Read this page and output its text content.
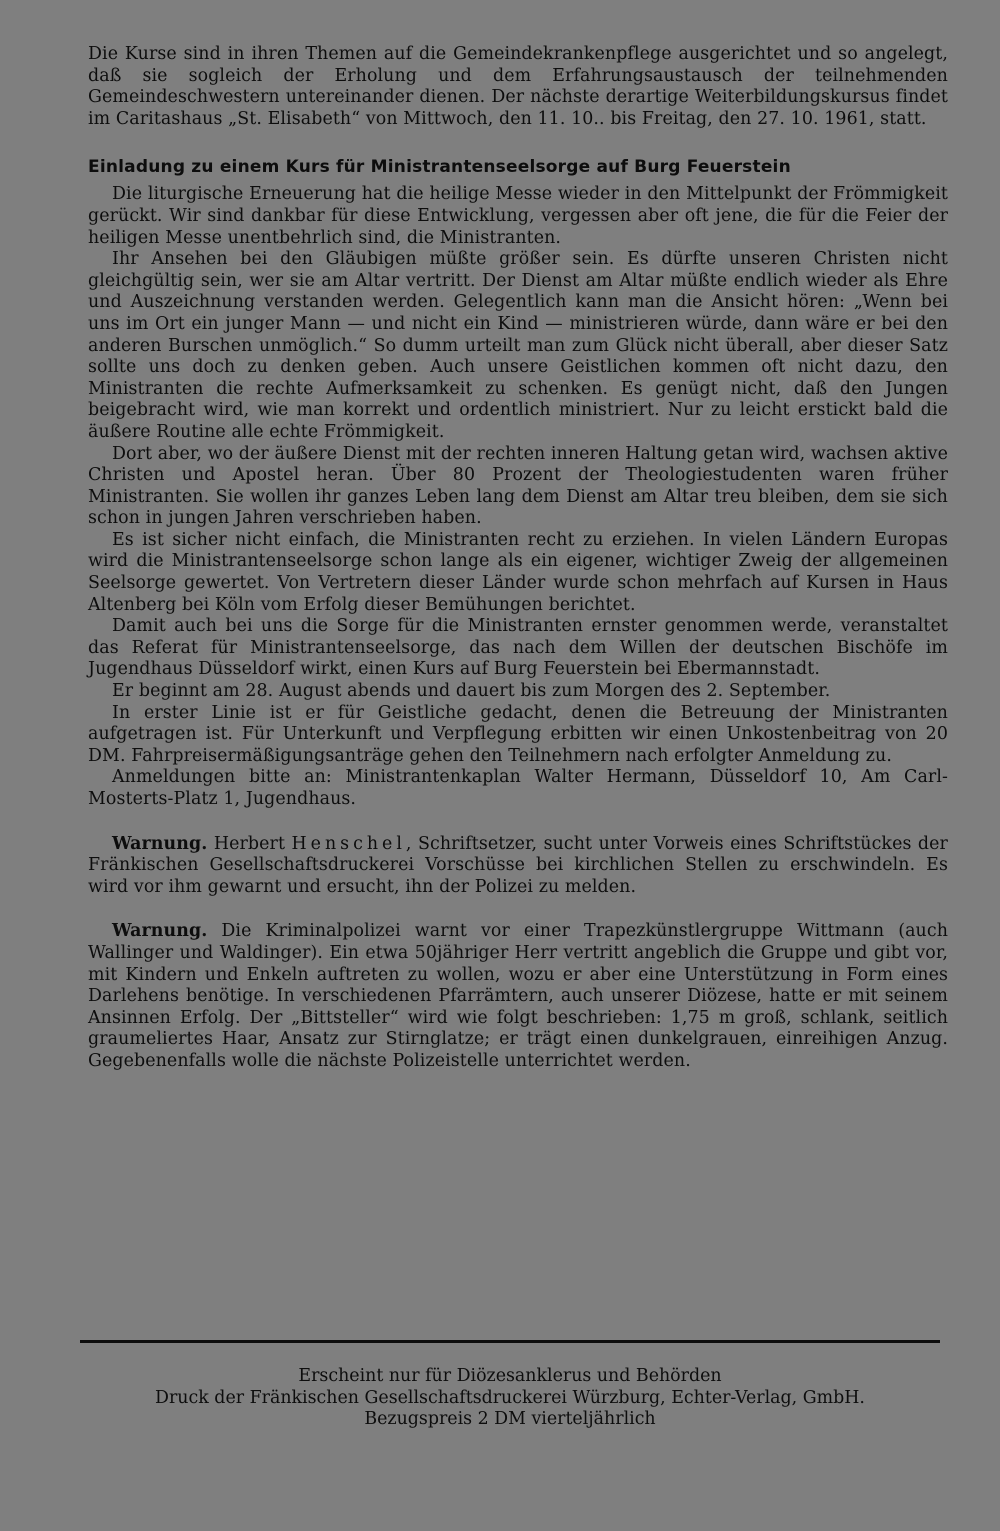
Die Kurse sind in ihren Themen auf die Gemeindekrankenpflege ausgerichtet und so angelegt, daß sie sogleich der Erholung und dem Erfahrungsaustausch der teilnehmenden Gemeindeschwestern untereinander dienen. Der nächste derartige Weiterbildungskursus findet im Caritashaus „St. Elisabeth“ von Mittwoch, den 11. 10.. bis Freitag, den 27. 10. 1961, statt.

Einladung zu einem Kurs für Ministrantenseelsorge auf Burg Feuerstein

Die liturgische Erneuerung hat die heilige Messe wieder in den Mittelpunkt der Frömmigkeit gerückt. Wir sind dankbar für diese Entwicklung, vergessen aber oft jene, die für die Feier der heiligen Messe unentbehrlich sind, die Ministranten.

Ihr Ansehen bei den Gläubigen müßte größer sein. Es dürfte unseren Christen nicht gleichgültig sein, wer sie am Altar vertritt. Der Dienst am Altar müßte endlich wieder als Ehre und Auszeichnung verstanden werden. Gelegentlich kann man die Ansicht hören: „Wenn bei uns im Ort ein junger Mann — und nicht ein Kind — ministrieren würde, dann wäre er bei den anderen Burschen unmöglich.“ So dumm urteilt man zum Glück nicht überall, aber dieser Satz sollte uns doch zu denken geben. Auch unsere Geistlichen kommen oft nicht dazu, den Ministranten die rechte Aufmerksamkeit zu schenken. Es genügt nicht, daß den Jungen beigebracht wird, wie man korrekt und ordentlich ministriert. Nur zu leicht erstickt bald die äußere Routine alle echte Frömmigkeit.

Dort aber, wo der äußere Dienst mit der rechten inneren Haltung getan wird, wachsen aktive Christen und Apostel heran. Über 80 Prozent der Theologiestudenten waren früher Ministranten. Sie wollen ihr ganzes Leben lang dem Dienst am Altar treu bleiben, dem sie sich schon in jungen Jahren verschrieben haben.

Es ist sicher nicht einfach, die Ministranten recht zu erziehen. In vielen Ländern Europas wird die Ministrantenseelsorge schon lange als ein eigener, wichtiger Zweig der allgemeinen Seelsorge gewertet. Von Vertretern dieser Länder wurde schon mehrfach auf Kursen in Haus Altenberg bei Köln vom Erfolg dieser Bemühungen berichtet.

Damit auch bei uns die Sorge für die Ministranten ernster genommen werde, veranstaltet das Referat für Ministrantenseelsorge, das nach dem Willen der deutschen Bischöfe im Jugendhaus Düsseldorf wirkt, einen Kurs auf Burg Feuerstein bei Ebermannstadt.

Er beginnt am 28. August abends und dauert bis zum Morgen des 2. September.

In erster Linie ist er für Geistliche gedacht, denen die Betreuung der Ministranten aufgetragen ist. Für Unterkunft und Verpflegung erbitten wir einen Unkostenbeitrag von 20 DM. Fahrpreisermäßigungsanträge gehen den Teilnehmern nach erfolgter Anmeldung zu.

Anmeldungen bitte an: Ministrantenkaplan Walter Hermann, Düsseldorf 10, Am Carl-Mosterts-Platz 1, Jugendhaus.

Warnung. Herbert Henschel, Schriftsetzer, sucht unter Vorweis eines Schriftstückes der Fränkischen Gesellschaftsdruckerei Vorschüsse bei kirchlichen Stellen zu erschwindeln. Es wird vor ihm gewarnt und ersucht, ihn der Polizei zu melden.

Warnung. Die Kriminalpolizei warnt vor einer Trapezkünstlergruppe Wittmann (auch Wallinger und Waldinger). Ein etwa 50jähriger Herr vertritt angeblich die Gruppe und gibt vor, mit Kindern und Enkeln auftreten zu wollen, wozu er aber eine Unterstützung in Form eines Darlehens benötige. In verschiedenen Pfarrämtern, auch unserer Diözese, hatte er mit seinem Ansinnen Erfolg. Der „Bittsteller“ wird wie folgt beschrieben: 1,75 m groß, schlank, seitlich graumeliertes Haar, Ansatz zur Stirnglatze; er trägt einen dunkelgrauen, einreihigen Anzug. Gegebenenfalls wolle die nächste Polizeistelle unterrichtet werden.

Erscheint nur für Diözesanklerus und Behörden
Druck der Fränkischen Gesellschaftsdruckerei Würzburg, Echter-Verlag, GmbH.
Bezugspreis 2 DM vierteljährlich
